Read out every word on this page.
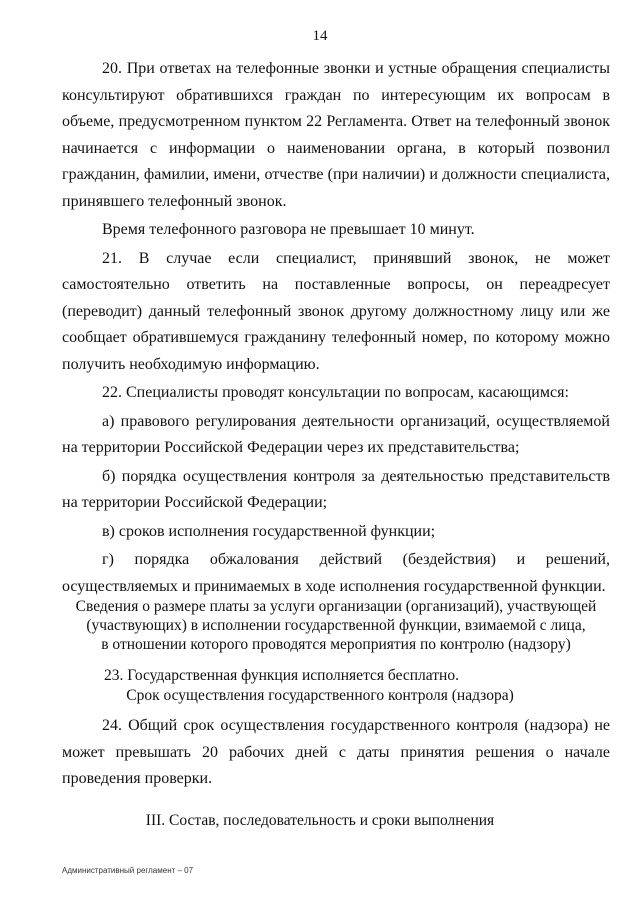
14

20. При ответах на телефонные звонки и устные обращения специалисты консультируют обратившихся граждан по интересующим их вопросам в объеме, предусмотренном пунктом 22 Регламента. Ответ на телефонный звонок начинается с информации о наименовании органа, в который позвонил гражданин, фамилии, имени, отчестве (при наличии) и должности специалиста, принявшего телефонный звонок.

Время телефонного разговора не превышает 10 минут.

21. В случае если специалист, принявший звонок, не может самостоятельно ответить на поставленные вопросы, он переадресует (переводит) данный телефонный звонок другому должностному лицу или же сообщает обратившемуся гражданину телефонный номер, по которому можно получить необходимую информацию.

22. Специалисты проводят консультации по вопросам, касающимся:

а) правового регулирования деятельности организаций, осуществляемой на территории Российской Федерации через их представительства;

б) порядка осуществления контроля за деятельностью представительств на территории Российской Федерации;

в) сроков исполнения государственной функции;

г) порядка обжалования действий (бездействия) и решений, осуществляемых и принимаемых в ходе исполнения государственной функции.

Сведения о размере платы за услуги организации (организаций), участвующей
(участвующих) в исполнении государственной функции, взимаемой с лица,
в отношении которого проводятся мероприятия по контролю (надзору)
23. Государственная функция исполняется бесплатно.
Срок осуществления государственного контроля (надзора)

24. Общий срок осуществления государственного контроля (надзора) не может превышать 20 рабочих дней с даты принятия решения о начале проведения проверки.

III. Состав, последовательность и сроки выполнения
Административный регламент – 07
